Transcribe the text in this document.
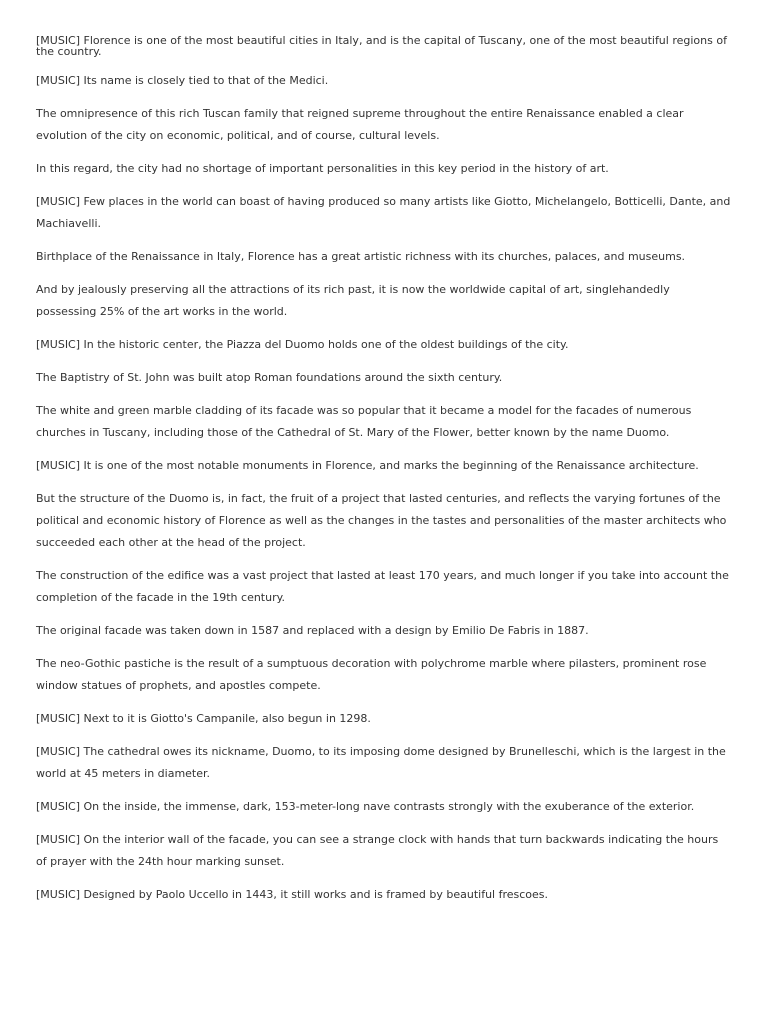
[MUSIC] Florence is one of the most beautiful cities in Italy, and is the capital of Tuscany, one of the most beautiful regions of the country.

[MUSIC] Its name is closely tied to that of the Medici.

The omnipresence of this rich Tuscan family that reigned supreme throughout the entire Renaissance enabled a clear evolution of the city on economic, political, and of course, cultural levels.

In this regard, the city had no shortage of important personalities in this key period in the history of art.

[MUSIC] Few places in the world can boast of having produced so many artists like Giotto, Michelangelo, Botticelli, Dante, and Machiavelli.

Birthplace of the Renaissance in Italy, Florence has a great artistic richness with its churches, palaces, and museums.

And by jealously preserving all the attractions of its rich past, it is now the worldwide capital of art, singlehandedly possessing 25% of the art works in the world.

[MUSIC] In the historic center, the Piazza del Duomo holds one of the oldest buildings of the city.

The Baptistry of St. John was built atop Roman foundations around the sixth century.

The white and green marble cladding of its facade was so popular that it became a model for the facades of numerous churches in Tuscany, including those of the Cathedral of St. Mary of the Flower, better known by the name Duomo.

[MUSIC] It is one of the most notable monuments in Florence, and marks the beginning of the Renaissance architecture.

But the structure of the Duomo is, in fact, the fruit of a project that lasted centuries, and reflects the varying fortunes of the political and economic history of Florence as well as the changes in the tastes and personalities of the master architects who succeeded each other at the head of the project.

The construction of the edifice was a vast project that lasted at least 170 years, and much longer if you take into account the completion of the facade in the 19th century.

The original facade was taken down in 1587 and replaced with a design by Emilio De Fabris in 1887.

The neo-Gothic pastiche is the result of a sumptuous decoration with polychrome marble where pilasters, prominent rose window statues of prophets, and apostles compete.

[MUSIC] Next to it is Giotto's Campanile, also begun in 1298.

[MUSIC] The cathedral owes its nickname, Duomo, to its imposing dome designed by Brunelleschi, which is the largest in the world at 45 meters in diameter.

[MUSIC] On the inside, the immense, dark, 153-meter-long nave contrasts strongly with the exuberance of the exterior.

[MUSIC] On the interior wall of the facade, you can see a strange clock with hands that turn backwards indicating the hours of prayer with the 24th hour marking sunset.

[MUSIC] Designed by Paolo Uccello in 1443, it still works and is framed by beautiful frescoes.
